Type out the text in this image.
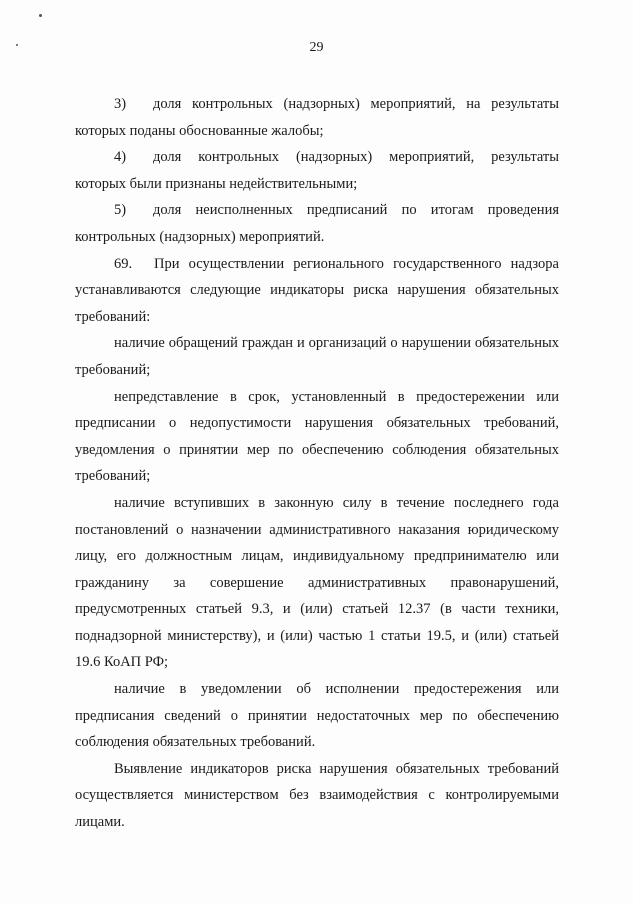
29

3) доля контрольных (надзорных) мероприятий, на результаты которых поданы обоснованные жалобы;

4) доля контрольных (надзорных) мероприятий, результаты которых были признаны недействительными;

5) доля неисполненных предписаний по итогам проведения контрольных (надзорных) мероприятий.

69. При осуществлении регионального государственного надзора устанавливаются следующие индикаторы риска нарушения обязательных требований:

наличие обращений граждан и организаций о нарушении обязательных требований;

непредставление в срок, установленный в предостережении или предписании о недопустимости нарушения обязательных требований, уведомления о принятии мер по обеспечению соблюдения обязательных требований;

наличие вступивших в законную силу в течение последнего года постановлений о назначении административного наказания юридическому лицу, его должностным лицам, индивидуальному предпринимателю или гражданину за совершение административных правонарушений, предусмотренных статьей 9.3, и (или) статьей 12.37 (в части техники, поднадзорной министерству), и (или) частью 1 статьи 19.5, и (или) статьей 19.6 КоАП РФ;

наличие в уведомлении об исполнении предостережения или предписания сведений о принятии недостаточных мер по обеспечению соблюдения обязательных требований.

Выявление индикаторов риска нарушения обязательных требований осуществляется министерством без взаимодействия с контролируемыми лицами.
